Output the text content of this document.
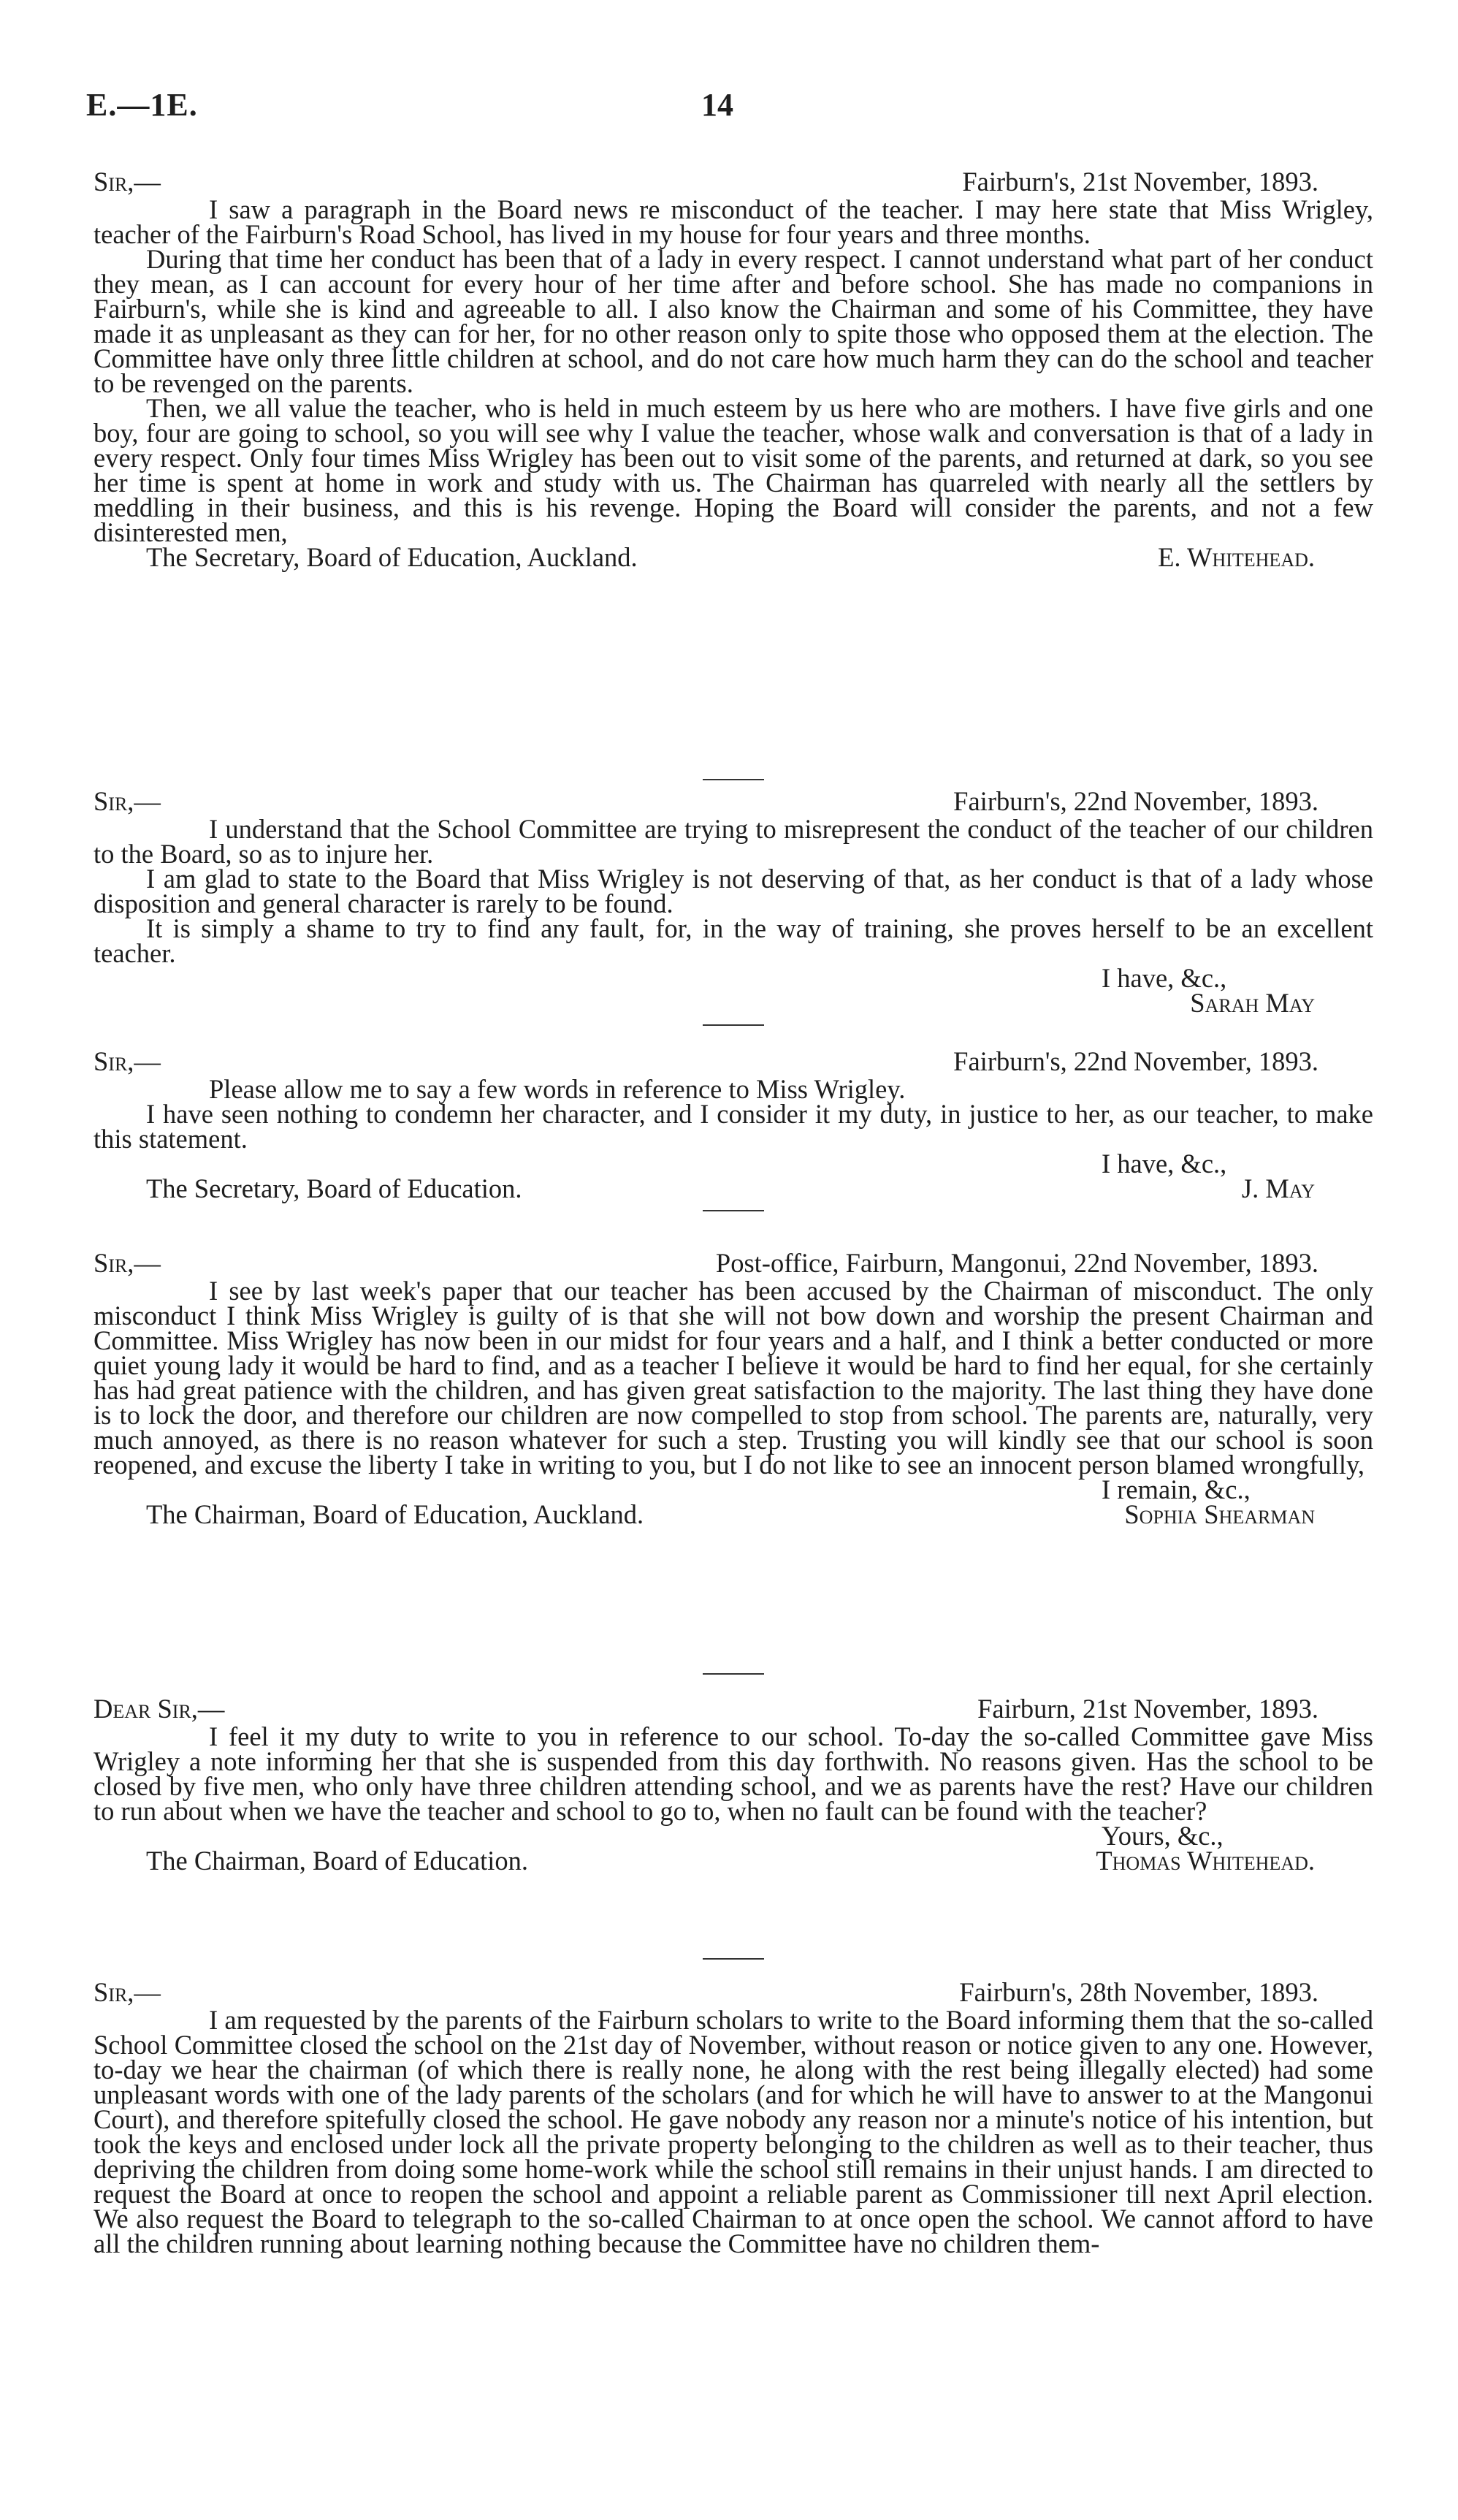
E.—1E.	14
Sir,—	Fairburn's, 21st November, 1893.

I saw a paragraph in the Board news re misconduct of the teacher. I may here state that Miss Wrigley, teacher of the Fairburn's Road School, has lived in my house for four years and three months.

During that time her conduct has been that of a lady in every respect. I cannot understand what part of her conduct they mean, as I can account for every hour of her time after and before school. She has made no companions in Fairburn's, while she is kind and agreeable to all. I also know the Chairman and some of his Committee, they have made it as unpleasant as they can for her, for no other reason only to spite those who opposed them at the election. The Committee have only three little children at school, and do not care how much harm they can do the school and teacher to be revenged on the parents.

Then, we all value the teacher, who is held in much esteem by us here who are mothers. I have five girls and one boy, four are going to school, so you will see why I value the teacher, whose walk and conversation is that of a lady in every respect. Only four times Miss Wrigley has been out to visit some of the parents, and returned at dark, so you see her time is spent at home in work and study with us. The Chairman has quarreled with nearly all the settlers by meddling in their business, and this is his revenge. Hoping the Board will consider the parents, and not a few disinterested men,

The Secretary, Board of Education, Auckland.	E. Whitehead.
Sir,—	Fairburn's, 22nd November, 1893.

I understand that the School Committee are trying to misrepresent the conduct of the teacher of our children to the Board, so as to injure her.

I am glad to state to the Board that Miss Wrigley is not deserving of that, as her conduct is that of a lady whose disposition and general character is rarely to be found.

It is simply a shame to try to find any fault, for, in the way of training, she proves herself to be an excellent teacher.

I have, &c.,
Sarah May
Sir,—	Fairburn's, 22nd November, 1893.

Please allow me to say a few words in reference to Miss Wrigley.

I have seen nothing to condemn her character, and I consider it my duty, in justice to her, as our teacher, to make this statement.

I have, &c.,
The Secretary, Board of Education.	J. May
Sir,—	Post-office, Fairburn, Mangonui, 22nd November, 1893.

I see by last week's paper that our teacher has been accused by the Chairman of misconduct. The only misconduct I think Miss Wrigley is guilty of is that she will not bow down and worship the present Chairman and Committee. Miss Wrigley has now been in our midst for four years and a half, and I think a better conducted or more quiet young lady it would be hard to find, and as a teacher I believe it would be hard to find her equal, for she certainly has had great patience with the children, and has given great satisfaction to the majority. The last thing they have done is to lock the door, and therefore our children are now compelled to stop from school. The parents are, naturally, very much annoyed, as there is no reason whatever for such a step. Trusting you will kindly see that our school is soon reopened, and excuse the liberty I take in writing to you, but I do not like to see an innocent person blamed wrongfully,

I remain, &c.,
The Chairman, Board of Education, Auckland.	Sophia Shearman
Dear Sir,—	Fairburn, 21st November, 1893.

I feel it my duty to write to you in reference to our school. To-day the so-called Committee gave Miss Wrigley a note informing her that she is suspended from this day forthwith. No reasons given. Has the school to be closed by five men, who only have three children attending school, and we as parents have the rest? Have our children to run about when we have the teacher and school to go to, when no fault can be found with the teacher?

Yours, &c.,
The Chairman, Board of Education.	Thomas Whitehead.
Sir,—	Fairburn's, 28th November, 1893.

I am requested by the parents of the Fairburn scholars to write to the Board informing them that the so-called School Committee closed the school on the 21st day of November, without reason or notice given to any one. However, to-day we hear the chairman (of which there is really none, he along with the rest being illegally elected) had some unpleasant words with one of the lady parents of the scholars (and for which he will have to answer to at the Mangonui Court), and therefore spitefully closed the school. He gave nobody any reason nor a minute's notice of his intention, but took the keys and enclosed under lock all the private property belonging to the children as well as to their teacher, thus depriving the children from doing some home-work while the school still remains in their unjust hands. I am directed to request the Board at once to reopen the school and appoint a reliable parent as Commissioner till next April election. We also request the Board to telegraph to the so-called Chairman to at once open the school. We cannot afford to have all the children running about learning nothing because the Committee have no children them-
